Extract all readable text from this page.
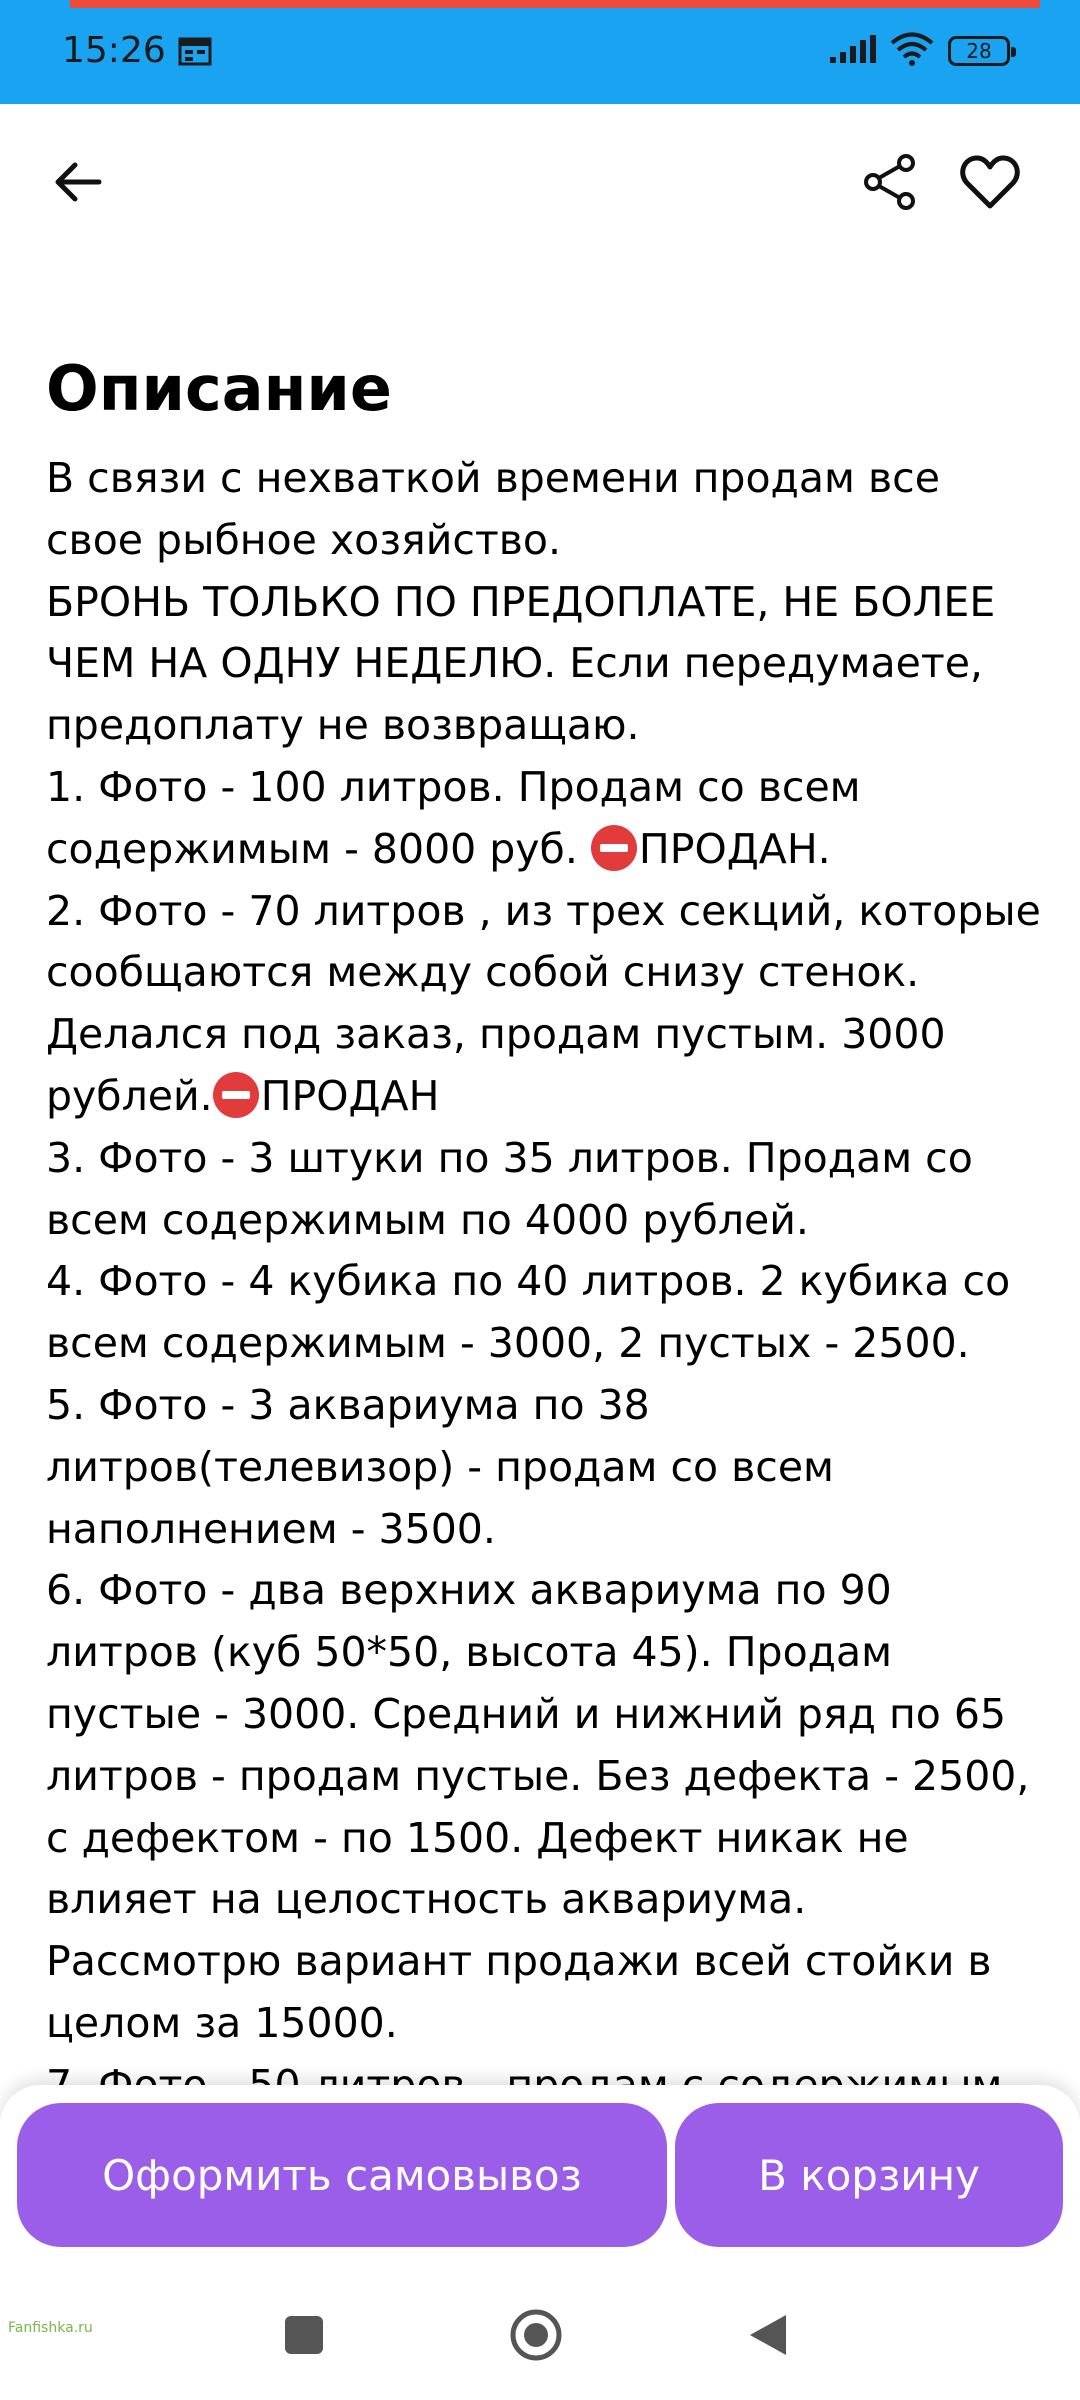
15:26	28
Описание
В связи с нехваткой времени продам все
свое рыбное хозяйство.
БРОНЬ ТОЛЬКО ПО ПРЕДОПЛАТЕ, НЕ БОЛЕЕ
ЧЕМ НА ОДНУ НЕДЕЛЮ. Если передумаете,
предоплату не возвращаю.
1. Фото - 100 литров. Продам со всем
содержимым - 8000 руб. ПРОДАН.
2. Фото - 70 литров , из трех секций, которые
сообщаются между собой снизу стенок.
Делался под заказ, продам пустым. 3000
рублей. ПРОДАН
3. Фото - 3 штуки по 35 литров. Продам со
всем содержимым по 4000 рублей.
4. Фото - 4 кубика по 40 литров. 2 кубика со
всем содержимым - 3000, 2 пустых - 2500.
5. Фото - 3 аквариума по 38
литров(телевизор) - продам со всем
наполнением - 3500.
6. Фото - два верхних аквариума по 90
литров (куб 50*50, высота 45). Продам
пустые - 3000. Средний и нижний ряд по 65
литров - продам пустые. Без дефекта - 2500,
с дефектом - по 1500. Дефект никак не
влияет на целостность аквариума.
Рассмотрю вариант продажи всей стойки в
целом за 15000.
Оформить самовывоз	В корзину
Fanfishka.ru
